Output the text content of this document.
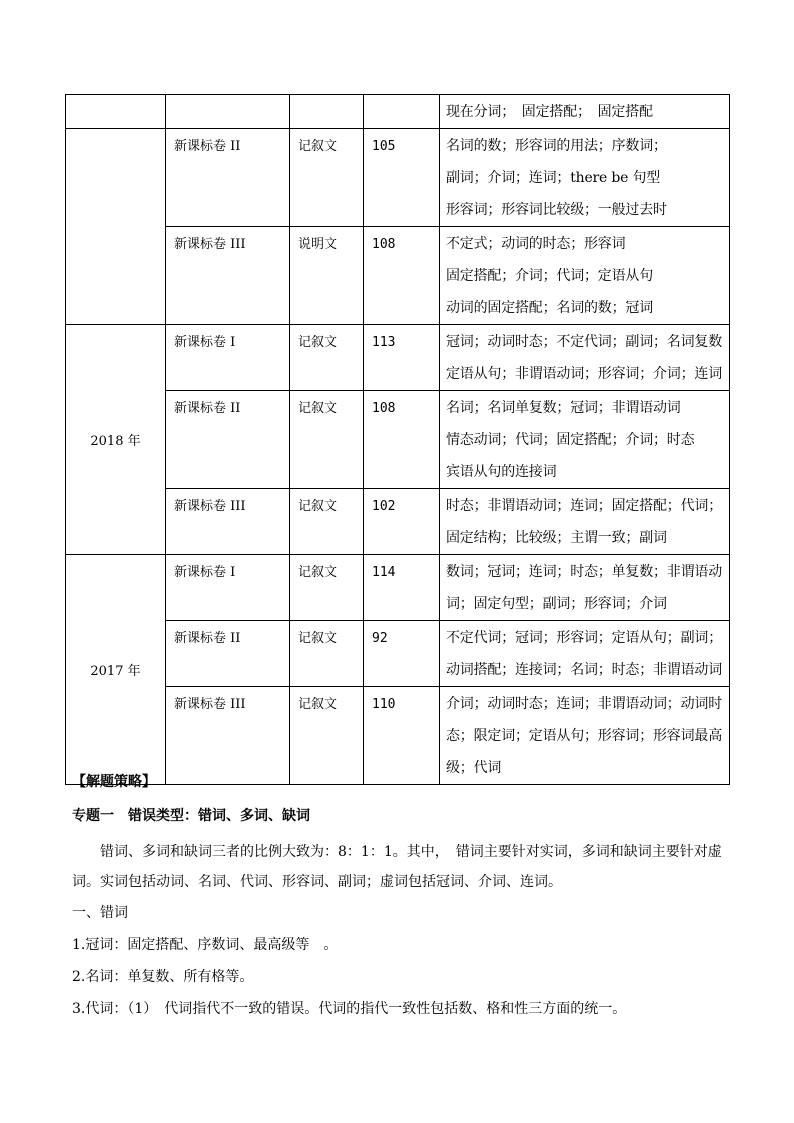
				现在分词；　固定搭配；　固定搭配

	新课标卷 II	记叙文	105	名词的数；形容词的用法；序数词；
副词；介词；连词；there be 句型
形容词；形容词比较级；一般过去时

	新课标卷 III	说明文	108	不定式；动词的时态；形容词
固定搭配；介词；代词；定语从句
动词的固定搭配；名词的数；冠词

2018 年	新课标卷 I	记叙文	113	冠词；动词时态；不定代词；副词；名词复数
定语从句；非谓语动词；形容词；介词；连词

	新课标卷 II	记叙文	108	名词；名词单复数；冠词；非谓语动词
情态动词；代词；固定搭配；介词；时态
宾语从句的连接词

	新课标卷 III	记叙文	102	时态；非谓语动词；连词；固定搭配；代词；
固定结构；比较级；主谓一致；副词

2017 年	新课标卷 I	记叙文	114	数词；冠词；连词；时态；单复数；非谓语动
词；固定句型；副词；形容词；介词

	新课标卷 II	记叙文	92	不定代词；冠词；形容词；定语从句；副词；
动词搭配；连接词；名词；时态；非谓语动词

	新课标卷 III	记叙文	110	介词；动词时态；连词；非谓语动词；动词时
态；限定词；定语从句；形容词；形容词最高
级；代词
【解题策略】
专题一　错误类型：错词、多词、缺词
错词、多词和缺词三者的比例大致为：8：1：1。其中，　错词主要针对实词，多词和缺词主要针对虚
词。实词包括动词、名词、代词、形容词、副词；虚词包括冠词、介词、连词。
一、错词
1.冠词：固定搭配、序数词、最高级等　。
2.名词：单复数、所有格等。
3.代词：（1）　代词指代不一致的错误。代词的指代一致性包括数、格和性三方面的统一。
